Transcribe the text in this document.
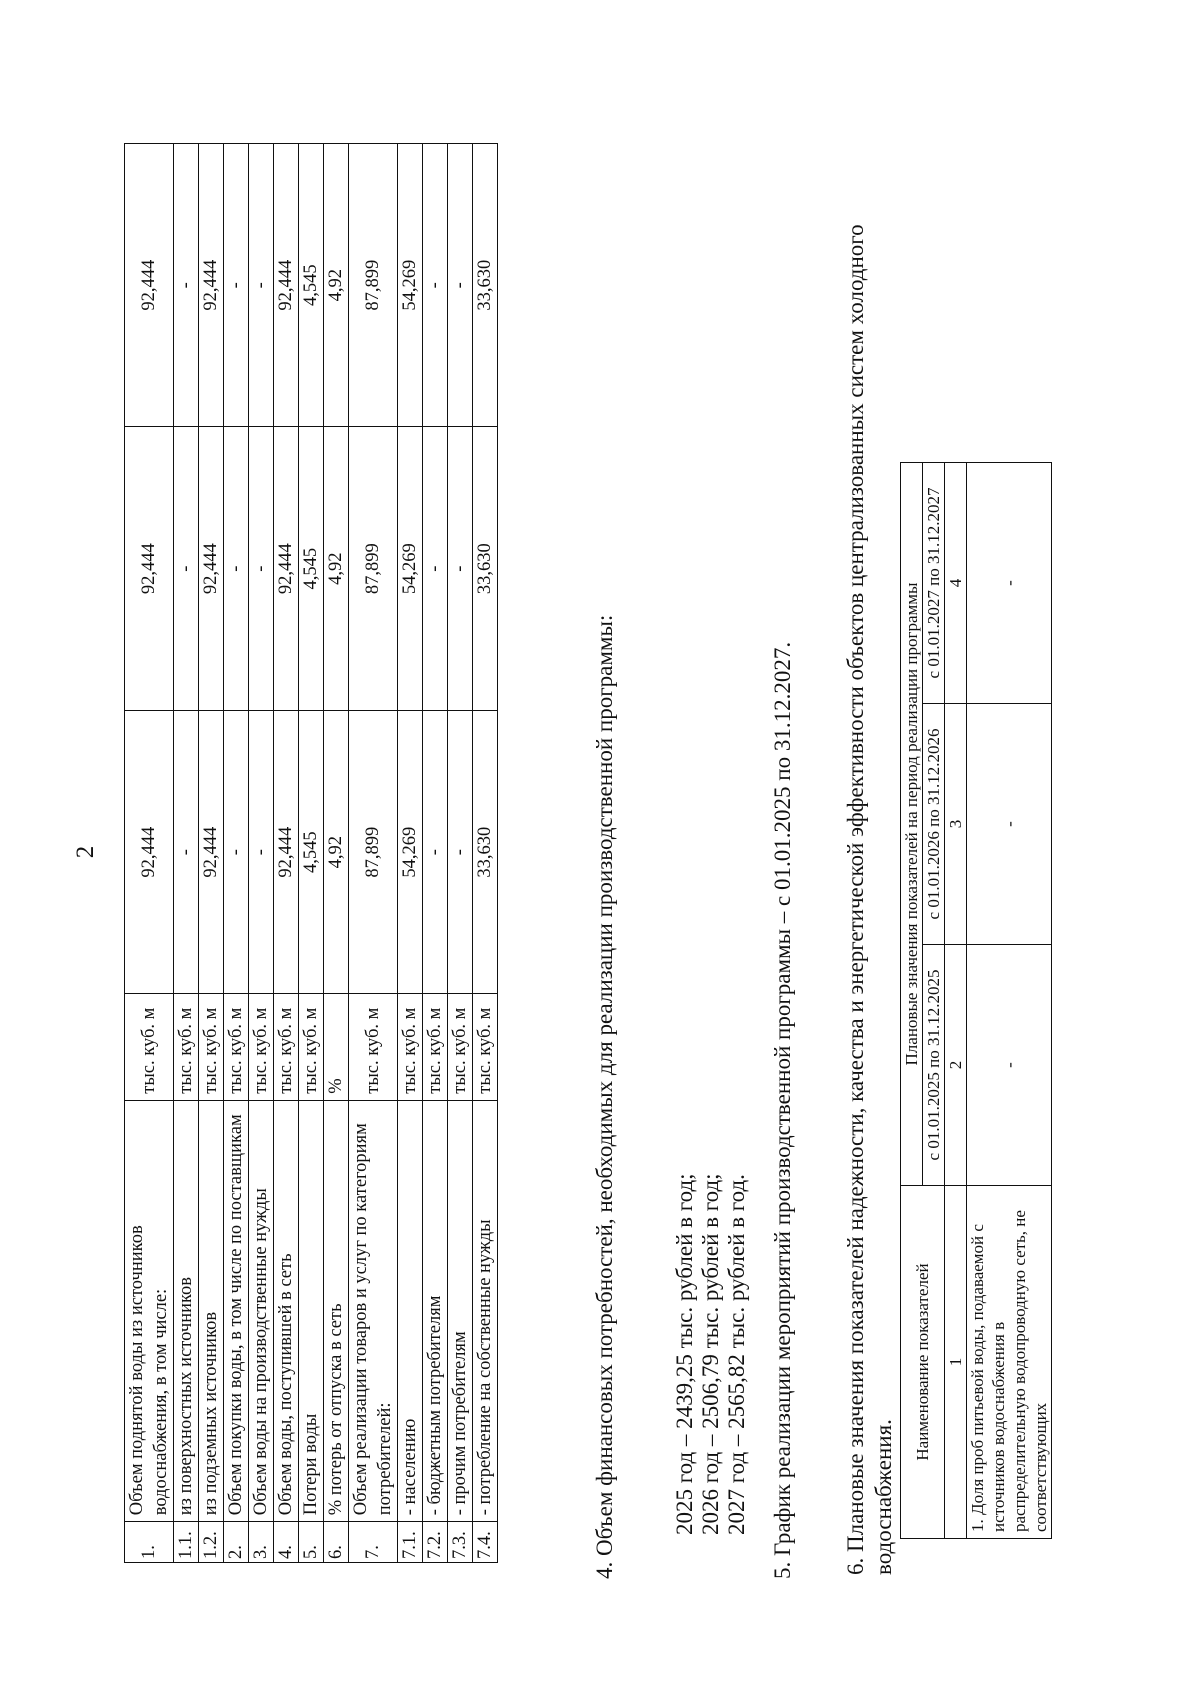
2
1.	Объем поднятой воды из источников водоснабжения, в том числе:	тыс. куб. м	92,444	92,444	92,444
1.1.	из поверхностных источников	тыс. куб. м	-	-	-
1.2.	из подземных источников	тыс. куб. м	92,444	92,444	92,444
2.	Объем покупки воды, в том числе по поставщикам	тыс. куб. м	-	-	-
3.	Объем воды на производственные нужды	тыс. куб. м	-	-	-
4.	Объем воды, поступившей в сеть	тыс. куб. м	92,444	92,444	92,444
5.	Потери воды	тыс. куб. м	4,545	4,545	4,545
6.	% потерь от отпуска в сеть	%	4,92	4,92	4,92
7.	Объем реализации товаров и услуг по категориям потребителей:	тыс. куб. м	87,899	87,899	87,899
7.1.	- населению	тыс. куб. м	54,269	54,269	54,269
7.2.	- бюджетным потребителям	тыс. куб. м	-	-	-
7.3.	- прочим потребителям	тыс. куб. м	-	-	-
7.4.	- потребление на собственные нужды	тыс. куб. м	33,630	33,630	33,630
4. Объем финансовых потребностей, необходимых для реализации производственной программы: 2025 год – 2439,25 тыс. рублей в год; 2026 год – 2506,79 тыс. рублей в год; 2027 год – 2565,82 тыс. рублей в год. 5. График реализации мероприятий производственной программы – с 01.01.2025 по 31.12.2027. 6. Плановые значения показателей надежности, качества и энергетической эффективности объектов централизованных систем холодного водоснабжения.
Наименование показателей	Плановые значения показателей на период реализации программы		
	с 01.01.2025 по 31.12.2025	с 01.01.2026 по 31.12.2026	с 01.01.2027 по 31.12.2027
1	2	3	4
1. Доля проб питьевой воды, подаваемой с источников водоснабжения в распределительную водопроводную сеть, не соответствующих	-	-	-
